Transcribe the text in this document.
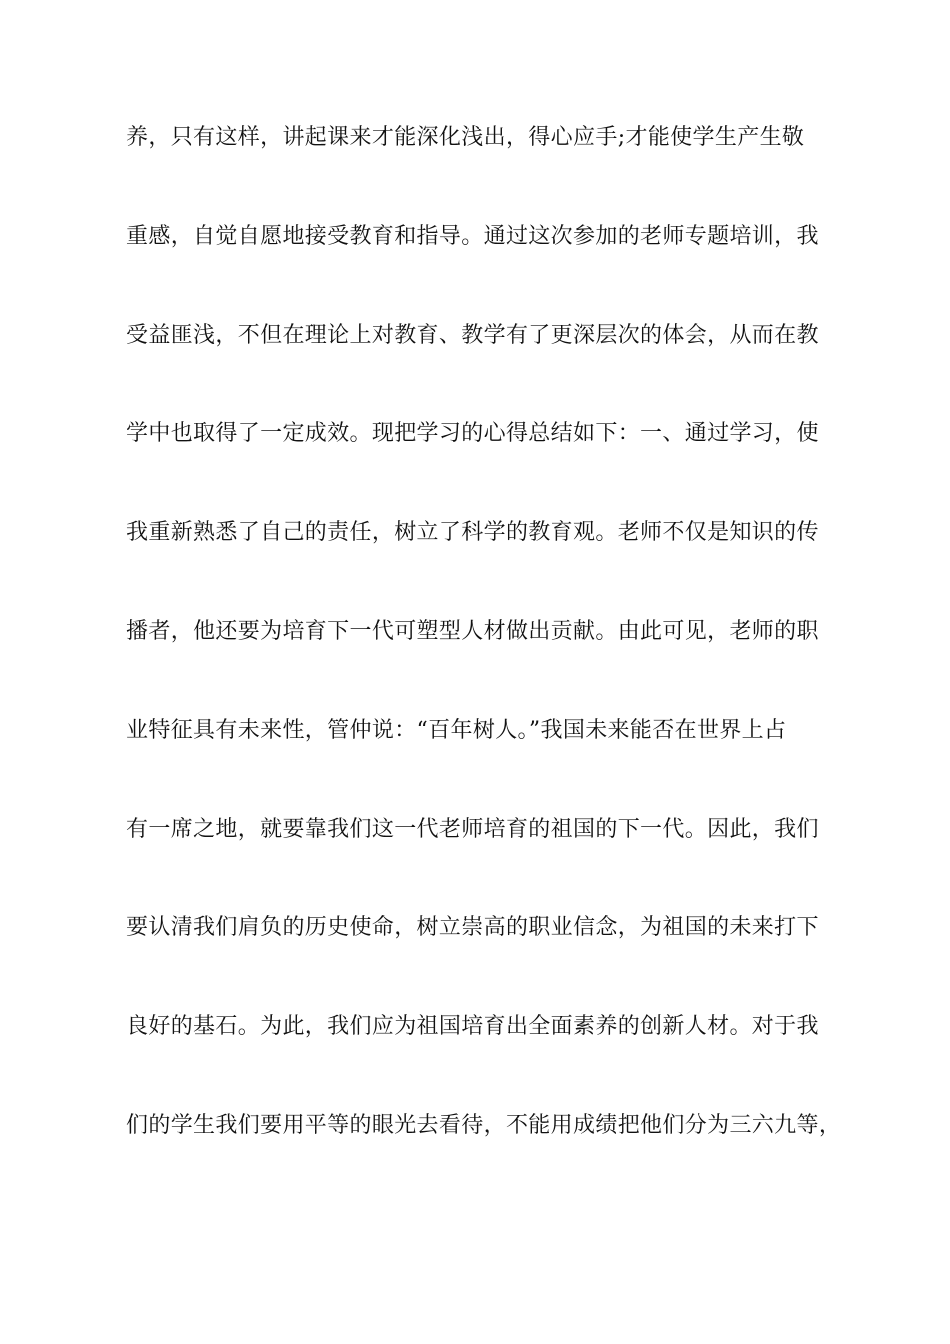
养，只有这样，讲起课来才能深化浅出，得心应手;才能使学生产生敬
重感，自觉自愿地接受教育和指导。通过这次参加的老师专题培训，我
受益匪浅，不但在理论上对教育、教学有了更深层次的体会，从而在教
学中也取得了一定成效。现把学习的心得总结如下：一、通过学习，使
我重新熟悉了自己的责任，树立了科学的教育观。老师不仅是知识的传
播者，他还要为培育下一代可塑型人材做出贡献。由此可见，老师的职
业特征具有未来性，管仲说：“百年树人。”我国未来能否在世界上占
有一席之地，就要靠我们这一代老师培育的祖国的下一代。因此，我们
要认清我们肩负的历史使命，树立崇高的职业信念，为祖国的未来打下
良好的基石。为此，我们应为祖国培育出全面素养的创新人材。对于我
们的学生我们要用平等的眼光去看待，不能用成绩把他们分为三六九等，
